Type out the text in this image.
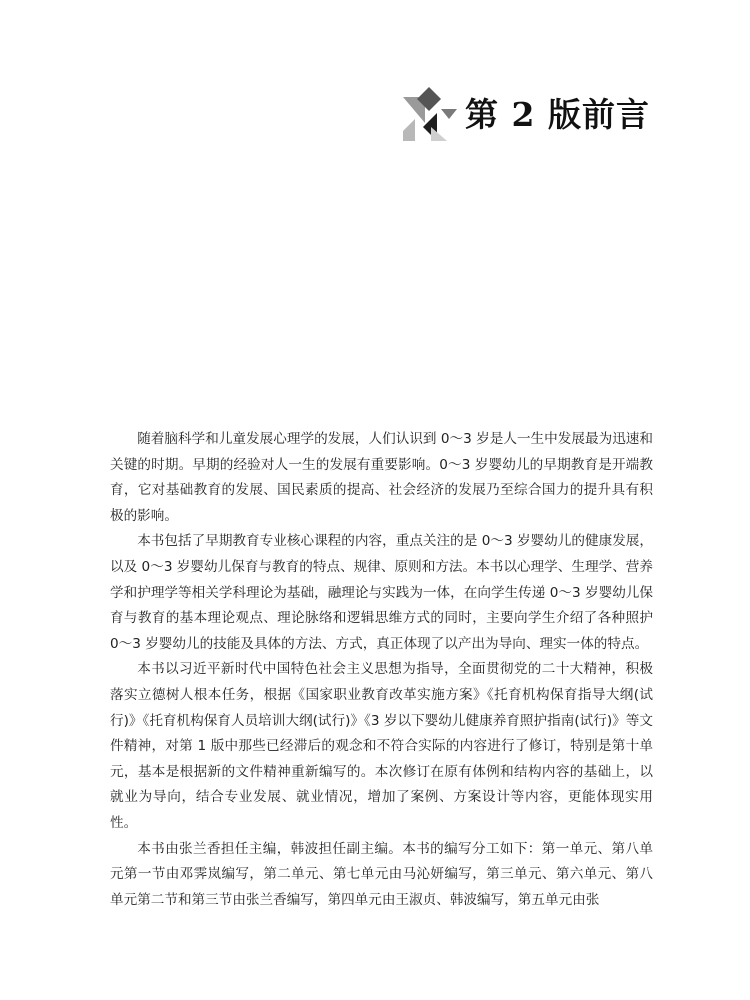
第 2 版前言

随着脑科学和儿童发展心理学的发展，人们认识到 0～3 岁是人一生中发展最为迅速和关键的时期。早期的经验对人一生的发展有重要影响。0～3 岁婴幼儿的早期教育是开端教育，它对基础教育的发展、国民素质的提高、社会经济的发展乃至综合国力的提升具有积极的影响。

本书包括了早期教育专业核心课程的内容，重点关注的是 0～3 岁婴幼儿的健康发展，以及 0～3 岁婴幼儿保育与教育的特点、规律、原则和方法。本书以心理学、生理学、营养学和护理学等相关学科理论为基础，融理论与实践为一体，在向学生传递 0～3 岁婴幼儿保育与教育的基本理论观点、理论脉络和逻辑思维方式的同时，主要向学生介绍了各种照护 0～3 岁婴幼儿的技能及具体的方法、方式，真正体现了以产出为导向、理实一体的特点。

本书以习近平新时代中国特色社会主义思想为指导，全面贯彻党的二十大精神，积极落实立德树人根本任务，根据《国家职业教育改革实施方案》《托育机构保育指导大纲(试行)》《托育机构保育人员培训大纲(试行)》《3 岁以下婴幼儿健康养育照护指南(试行)》等文件精神，对第 1 版中那些已经滞后的观念和不符合实际的内容进行了修订，特别是第十单元，基本是根据新的文件精神重新编写的。本次修订在原有体例和结构内容的基础上，以就业为导向，结合专业发展、就业情况，增加了案例、方案设计等内容，更能体现实用性。

本书由张兰香担任主编，韩波担任副主编。本书的编写分工如下：第一单元、第八单元第一节由邓霁岚编写，第二单元、第七单元由马沁妍编写，第三单元、第六单元、第八单元第二节和第三节由张兰香编写，第四单元由王淑贞、韩波编写，第五单元由张
